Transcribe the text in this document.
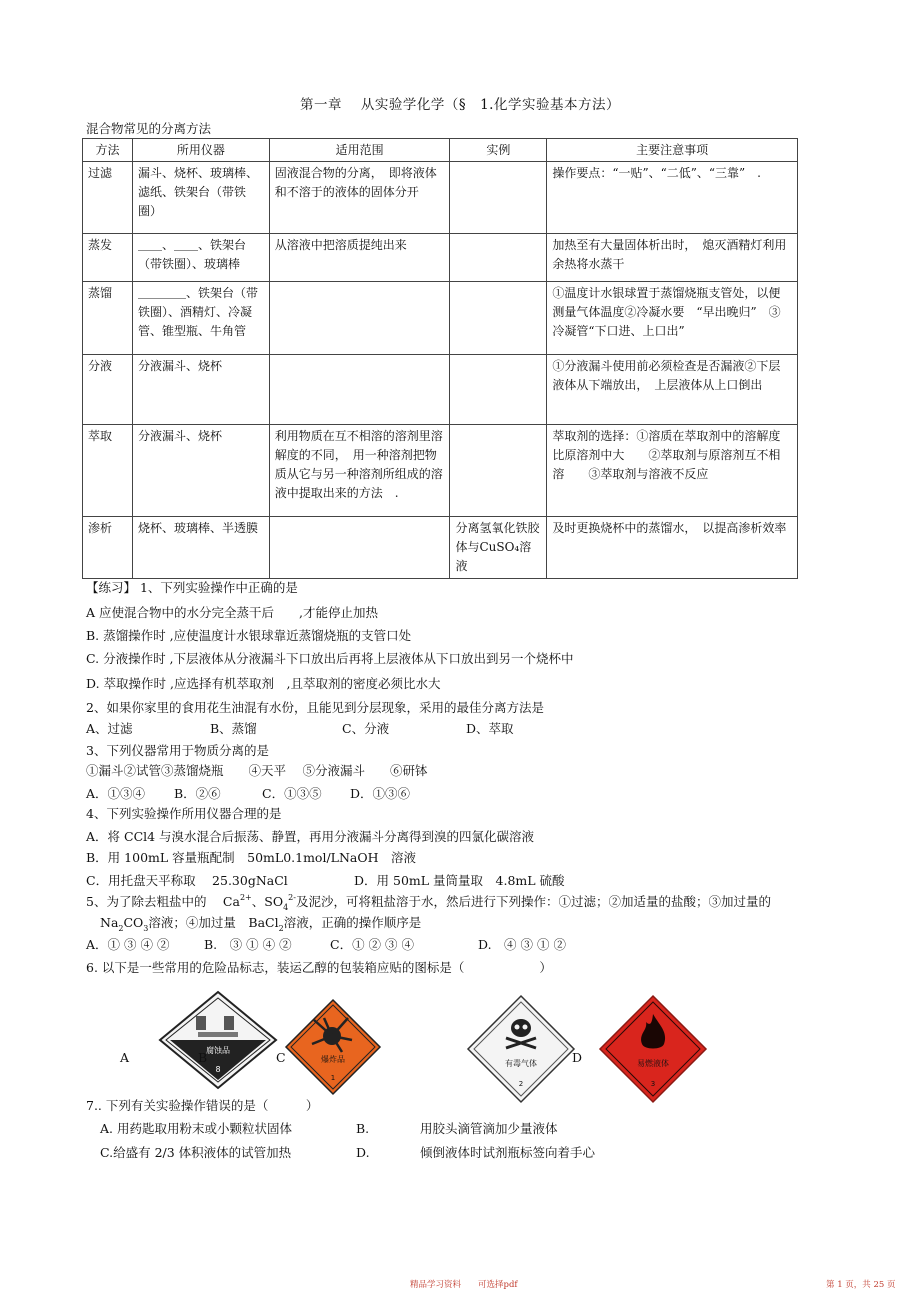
第一章　 从实验学化学（§　1.化学实验基本方法）
混合物常见的分离方法
方法	所用仪器	适用范围	实例	主要注意事项
过滤	漏斗、烧杯、玻璃棒、滤纸、铁架台（带铁圈）	固液混合物的分离，　即将液体和不溶于的液体的固体分开		操作要点：“一贴”、“二低”、“三靠”　.
蒸发	＿＿、＿＿、铁架台（带铁圈）、玻璃棒	从溶液中把溶质提纯出来		加热至有大量固体析出时，　熄灭酒精灯利用余热将水蒸干
蒸馏	＿＿＿＿、铁架台（带铁圈）、酒精灯、冷凝管、锥型瓶、牛角管			①温度计水银球置于蒸馏烧瓶支管处，以便测量气体温度②冷凝水要　“早出晚归”　③冷凝管“下口进、上口出”
分液	分液漏斗、烧杯			①分液漏斗使用前必须检查是否漏液②下层液体从下端放出，　上层液体从上口倒出
萃取	分液漏斗、烧杯	利用物质在互不相溶的溶剂里溶解度的不同，　用一种溶剂把物质从它与另一种溶剂所组成的溶液中提取出来的方法　.		萃取剂的选择：①溶质在萃取剂中的溶解度比原溶剂中大　　②萃取剂与原溶剂互不相溶　　③萃取剂与溶液不反应
渗析	烧杯、玻璃棒、半透膜		分离氢氧化铁胶体与CuSO₄溶液	及时更换烧杯中的蒸馏水，　以提高渗析效率
【练习】 1、下列实验操作中正确的是
A 应使混合物中的水分完全蒸干后　　,才能停止加热
B. 蒸馏操作时 ,应使温度计水银球靠近蒸馏烧瓶的支管口处
C. 分液操作时 ,下层液体从分液漏斗下口放出后再将上层液体从下口放出到另一个烧杯中
D. 萃取操作时 ,应选择有机萃取剂　,且萃取剂的密度必须比水大
2、如果你家里的食用花生油混有水份，且能见到分层现象，采用的最佳分离方法是
A、过滤	B、蒸馏	C、分液	D、萃取
3、下列仪器常用于物质分离的是
①漏斗②试管③蒸馏烧瓶　　④天平　 ⑤分液漏斗　　⑥研钵
A．①③④ B．②⑥	C．①③⑤ D．①③⑥
4、下列实验操作所用仪器合理的是
A．将 CCl4 与溴水混合后振荡、静置，再用分液漏斗分离得到溴的四氯化碳溶液
B．用 100mL 容量瓶配制　50mL0.1mol/LNaOH　溶液
C．用托盘天平称取　 25.30gNaCl	D．用 50mL 量筒量取　4.8mL 硫酸
5、为了除去粗盐中的　 $Ca^{2+}$、$SO_4^{2-}$及泥沙，可将粗盐溶于水，然后进行下列操作：①过滤；②加适量的盐酸；③加过量的
$Na_2CO_3$溶液；④加过量　BaCl$_2$溶液，正确的操作顺序是
A．① ③ ④ ②	B.　③ ① ④ ②	C．① ② ③ ④	D.　④ ③ ① ②
6. 以下是一些常用的危险品标志，装运乙醇的包装箱应贴的图标是（　　　　　　）
A	腐蚀品
8
B	爆炸品
1
C	有毒气体
2
D	易燃液体
3
7.. 下列有关实验操作错误的是（　　　）
A. 用药匙取用粉末或小颗粒状固体	B.	用胶头滴管滴加少量液体
C.给盛有 2/3 体积液体的试管加热	D.	倾倒液体时试剂瓶标签向着手心
精品学习资料　　可选择pdf	第 1 页，共 25 页
